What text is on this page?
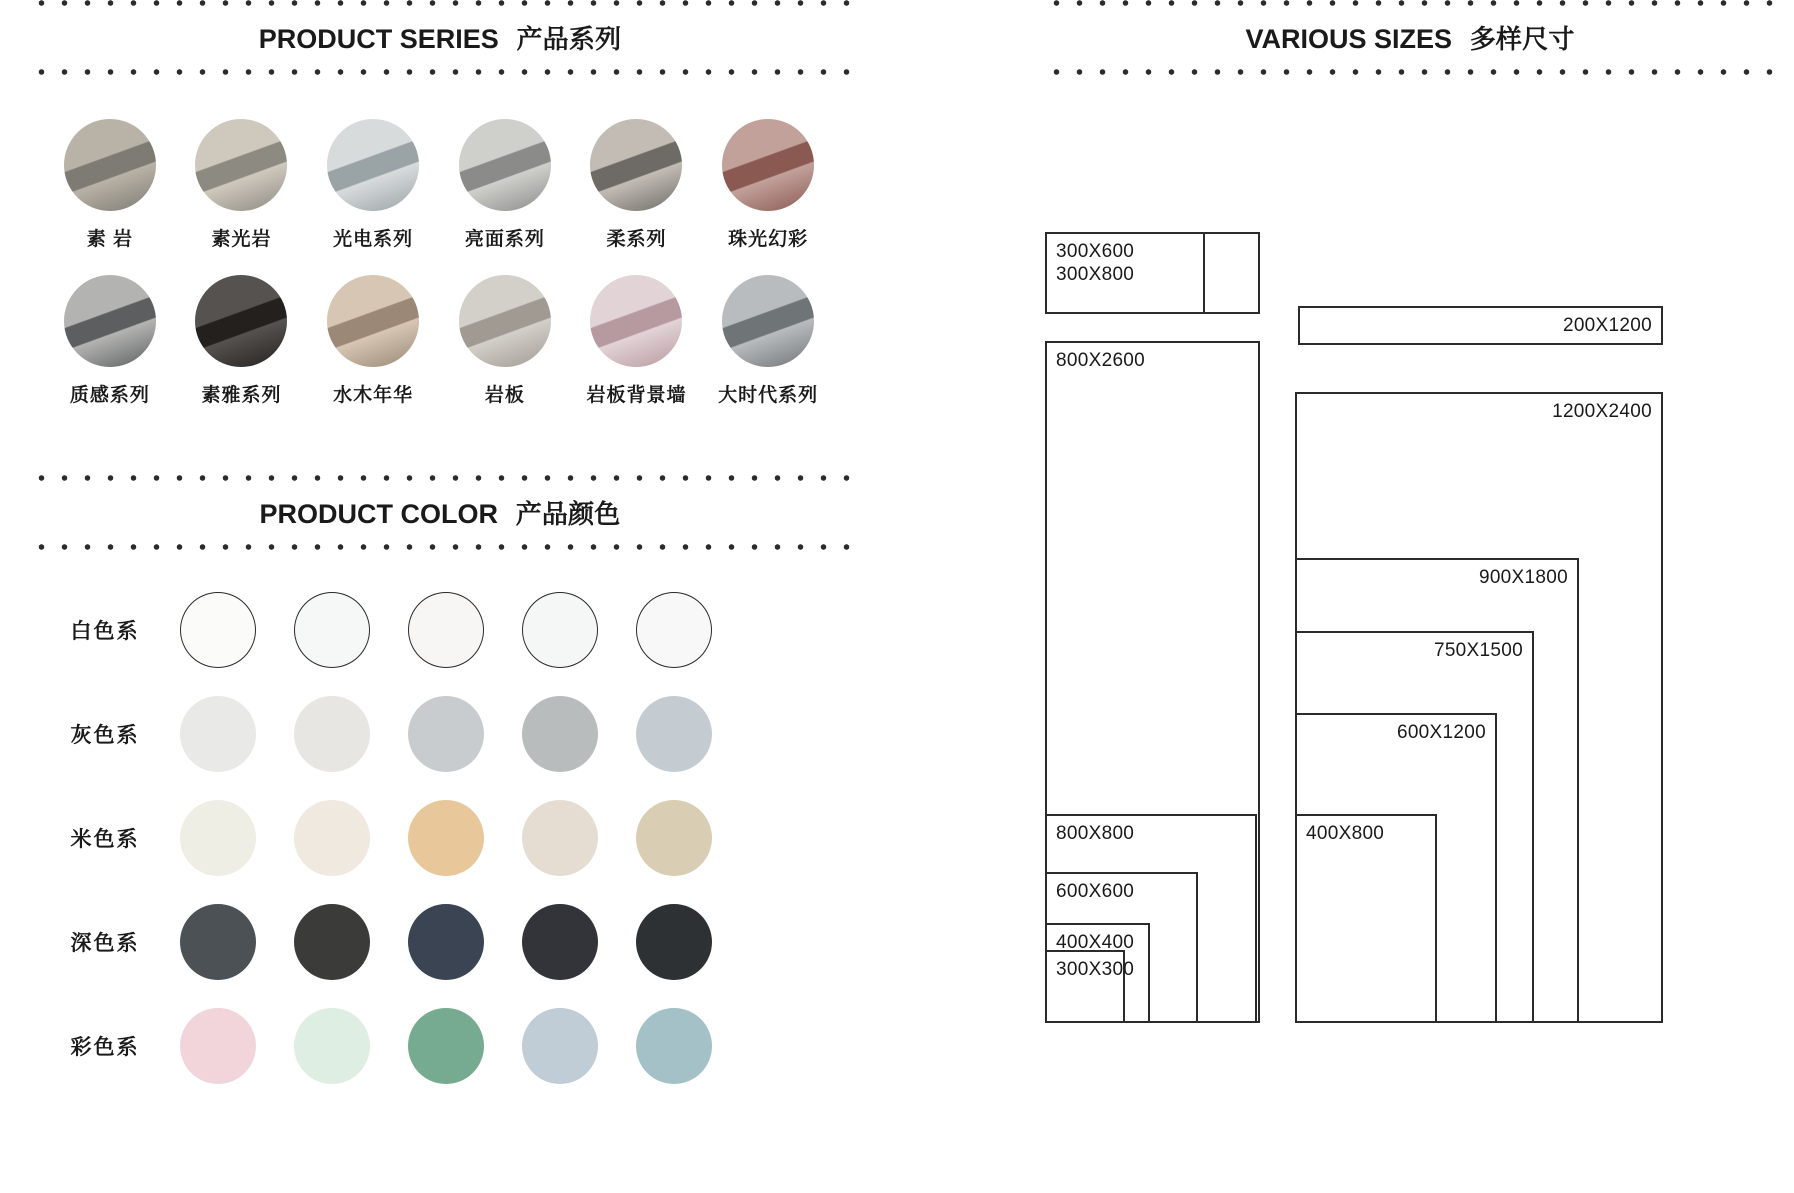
PRODUCT SERIES 产品系列
素 岩	素光岩	光电系列	亮面系列	柔系列	珠光幻彩
质感系列	素雅系列	水木年华	岩板	岩板背景墙	大时代系列
PRODUCT COLOR 产品颜色
白色系
灰色系
米色系
深色系
彩色系
VARIOUS SIZES 多样尺寸
300X600
300X800
200X1200
800X2600
1200X2400
900X1800
750X1500
600X1200
400X800
800X800
600X600
400X400
300X300
